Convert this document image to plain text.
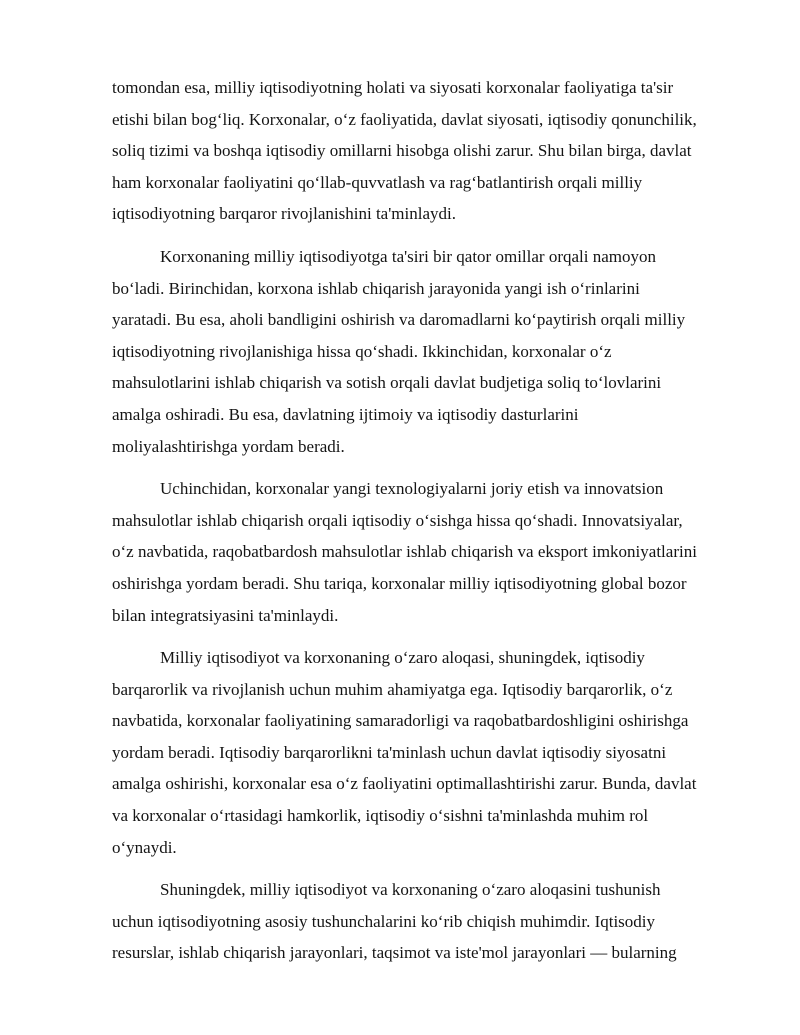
tomondan esa, milliy iqtisodiyotning holati va siyosati korxonalar faoliyatiga ta'sir
etishi bilan bog‘liq. Korxonalar, o‘z faoliyatida, davlat siyosati, iqtisodiy qonunchilik,
soliq tizimi va boshqa iqtisodiy omillarni hisobga olishi zarur. Shu bilan birga, davlat
ham korxonalar faoliyatini qo‘llab-quvvatlash va rag‘batlantirish orqali milliy
iqtisodiyotning barqaror rivojlanishini ta'minlaydi.

Korxonaning milliy iqtisodiyotga ta'siri bir qator omillar orqali namoyon
bo‘ladi. Birinchidan, korxona ishlab chiqarish jarayonida yangi ish o‘rinlarini
yaratadi. Bu esa, aholi bandligini oshirish va daromadlarni ko‘paytirish orqali milliy
iqtisodiyotning rivojlanishiga hissa qo‘shadi. Ikkinchidan, korxonalar o‘z
mahsulotlarini ishlab chiqarish va sotish orqali davlat budjetiga soliq to‘lovlarini
amalga oshiradi. Bu esa, davlatning ijtimoiy va iqtisodiy dasturlarini
moliyalashtirishga yordam beradi.

Uchinchidan, korxonalar yangi texnologiyalarni joriy etish va innovatsion
mahsulotlar ishlab chiqarish orqali iqtisodiy o‘sishga hissa qo‘shadi. Innovatsiyalar,
o‘z navbatida, raqobatbardosh mahsulotlar ishlab chiqarish va eksport imkoniyatlarini
oshirishga yordam beradi. Shu tariqa, korxonalar milliy iqtisodiyotning global bozor
bilan integratsiyasini ta'minlaydi.

Milliy iqtisodiyot va korxonaning o‘zaro aloqasi, shuningdek, iqtisodiy
barqarorlik va rivojlanish uchun muhim ahamiyatga ega. Iqtisodiy barqarorlik, o‘z
navbatida, korxonalar faoliyatining samaradorligi va raqobatbardoshligini oshirishga
yordam beradi. Iqtisodiy barqarorlikni ta'minlash uchun davlat iqtisodiy siyosatni
amalga oshirishi, korxonalar esa o‘z faoliyatini optimallashtirishi zarur. Bunda, davlat
va korxonalar o‘rtasidagi hamkorlik, iqtisodiy o‘sishni ta'minlashda muhim rol
o‘ynaydi.

Shuningdek, milliy iqtisodiyot va korxonaning o‘zaro aloqasini tushunish
uchun iqtisodiyotning asosiy tushunchalarini ko‘rib chiqish muhimdir. Iqtisodiy
resurslar, ishlab chiqarish jarayonlari, taqsimot va iste'mol jarayonlari — bularning
